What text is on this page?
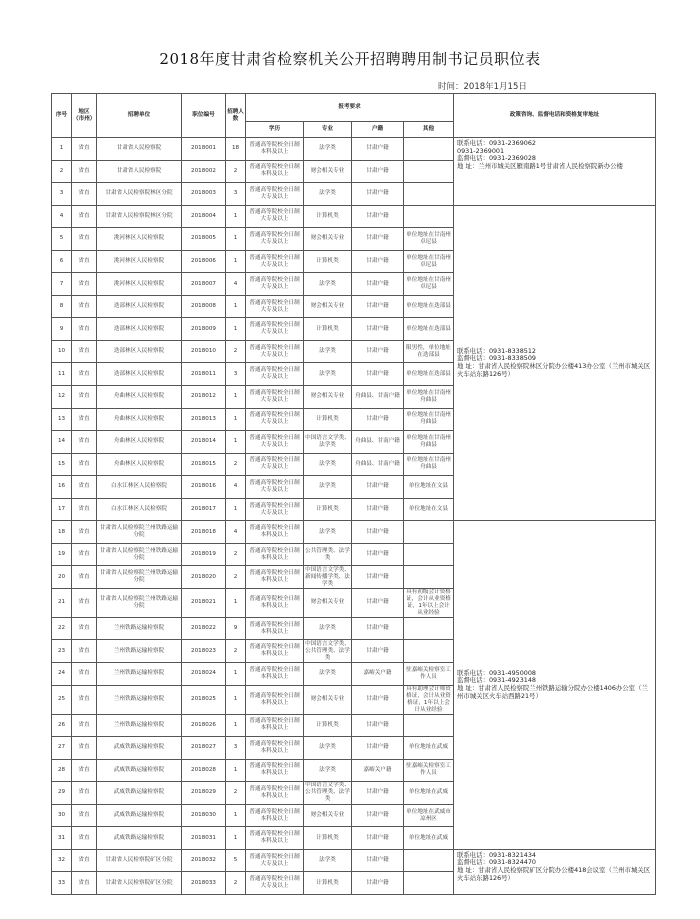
2018年度甘肃省检察机关公开招聘聘用制书记员职位表
时间：2018年1月15日
序号	地区（市州）	招聘单位	职位编号	招聘人数	报考要求				政策咨询、监督电话和资格复审地址
					学历	专业	户籍	其他	
1	省直	甘肃省人民检察院	2018001	18	普通高等院校全日制本科及以上	法学类	甘肃户籍		联系电话：0931-2369062
0931-2369001
监督电话：0931-2369028
地 址：兰州市城关区雁南路1号甘肃省人民检察院新办公楼
2	省直	甘肃省人民检察院	2018002	2	普通高等院校全日制本科及以上	财会相关专业	甘肃户籍		
3	省直	甘肃省人民检察院林区分院	2018003	3	普通高等院校全日制大专及以上	法学类	甘肃户籍		
4	省直	甘肃省人民检察院林区分院	2018004	1	普通高等院校全日制大专及以上	计算机类	甘肃户籍		联系电话：0931-8338512
监督电话：0931-8338509
地 址：甘肃省人民检察院林区分院办公楼413办公室（兰州市城关区火车站东路126号）
5	省直	洮河林区人民检察院	2018005	1	普通高等院校全日制大专及以上	财会相关专业	甘肃户籍	单位地址在甘南州卓尼县	
6	省直	洮河林区人民检察院	2018006	1	普通高等院校全日制大专及以上	计算机类	甘肃户籍	单位地址在甘南州卓尼县	
7	省直	洮河林区人民检察院	2018007	4	普通高等院校全日制大专及以上	法学类	甘肃户籍	单位地址在甘南州卓尼县	
8	省直	迭部林区人民检察院	2018008	1	普通高等院校全日制大专及以上	财会相关专业	甘肃户籍	单位地址在迭部县	
9	省直	迭部林区人民检察院	2018009	1	普通高等院校全日制大专及以上	计算机类	甘肃户籍	单位地址在迭部县	
10	省直	迭部林区人民检察院	2018010	2	普通高等院校全日制大专及以上	法学类	甘肃户籍	限男性，单位地址在迭部县	
11	省直	迭部林区人民检察院	2018011	3	普通高等院校全日制大专及以上	法学类	甘肃户籍	单位地址在迭部县	
12	省直	舟曲林区人民检察院	2018012	1	普通高等院校全日制大专及以上	财会相关专业	舟曲县、甘南户籍	单位地址在甘南州舟曲县	
13	省直	舟曲林区人民检察院	2018013	1	普通高等院校全日制大专及以上	计算机类	甘肃户籍	单位地址在甘南州舟曲县	
14	省直	舟曲林区人民检察院	2018014	1	普通高等院校全日制大专及以上	中国语言文学类、法学类	舟曲县、甘南户籍	单位地址在甘南州舟曲县	
15	省直	舟曲林区人民检察院	2018015	2	普通高等院校全日制大专及以上	法学类	舟曲县、甘南户籍	单位地址在甘南州舟曲县	
16	省直	白水江林区人民检察院	2018016	4	普通高等院校全日制大专及以上	法学类	甘肃户籍	单位地址在文县	
17	省直	白水江林区人民检察院	2018017	1	普通高等院校全日制大专及以上	计算机类	甘肃户籍	单位地址在文县	
18	省直	甘肃省人民检察院兰州铁路运输分院	2018018	4	普通高等院校全日制本科及以上	法学类	甘肃户籍		联系电话：0931-4950008
监督电话：0931-4923148
地 址：甘肃省人民检察院兰州铁路运输分院办公楼1406办公室（兰州市城关区火车站西路21号）
19	省直	甘肃省人民检察院兰州铁路运输分院	2018019	2	普通高等院校全日制本科及以上	公共管理类、法学类	甘肃户籍		
20	省直	甘肃省人民检察院兰州铁路运输分院	2018020	2	普通高等院校全日制本科及以上	中国语言文学类、新闻传播学类、法学类	甘肃户籍		
21	省直	甘肃省人民检察院兰州铁路运输分院	2018021	1	普通高等院校全日制本科及以上	财会相关专业	甘肃户籍	具有初级会计资格证，会计从业资格证，1年以上会计从业经验	
22	省直	兰州铁路运输检察院	2018022	9	普通高等院校全日制本科及以上	法学类	甘肃户籍		
23	省直	兰州铁路运输检察院	2018023	2	普通高等院校全日制本科及以上	中国语言文学类、公共管理类、法学类	甘肃户籍		
24	省直	兰州铁路运输检察院	2018024	1	普通高等院校全日制本科及以上	法学类	嘉峪关户籍	驻嘉峪关检察室工作人员	
25	省直	兰州铁路运输检察院	2018025	1	普通高等院校全日制本科及以上	财会相关专业	甘肃户籍	具有助理会计师资格证，会计从业资格证，1年以上会计从业经验	
26	省直	兰州铁路运输检察院	2018026	1	普通高等院校全日制本科及以上	计算机类	甘肃户籍		
27	省直	武威铁路运输检察院	2018027	3	普通高等院校全日制本科及以上	法学类	甘肃户籍	单位地址在武威	
28	省直	武威铁路运输检察院	2018028	1	普通高等院校全日制本科及以上	法学类	嘉峪关户籍	驻嘉峪关检察室工作人员	
29	省直	武威铁路运输检察院	2018029	2	普通高等院校全日制本科及以上	中国语言文学类、公共管理类、法学类	甘肃户籍	单位地址在武威	
30	省直	武威铁路运输检察院	2018030	1	普通高等院校全日制本科及以上	财会相关专业	甘肃户籍	单位地址在武威市凉州区	
31	省直	武威铁路运输检察院	2018031	1	普通高等院校全日制本科及以上	计算机类	甘肃户籍	单位地址在武威	
32	省直	甘肃省人民检察院矿区分院	2018032	5	普通高等院校全日制大专及以上	法学类	甘肃户籍		联系电话：0931-8321434
监督电话：0931-8324470
地 址：甘肃省人民检察院矿区分院办公楼418会议室（兰州市城关区火车站东路126号）
33	省直	甘肃省人民检察院矿区分院	2018033	2	普通高等院校全日制大专及以上	计算机类	甘肃户籍		
